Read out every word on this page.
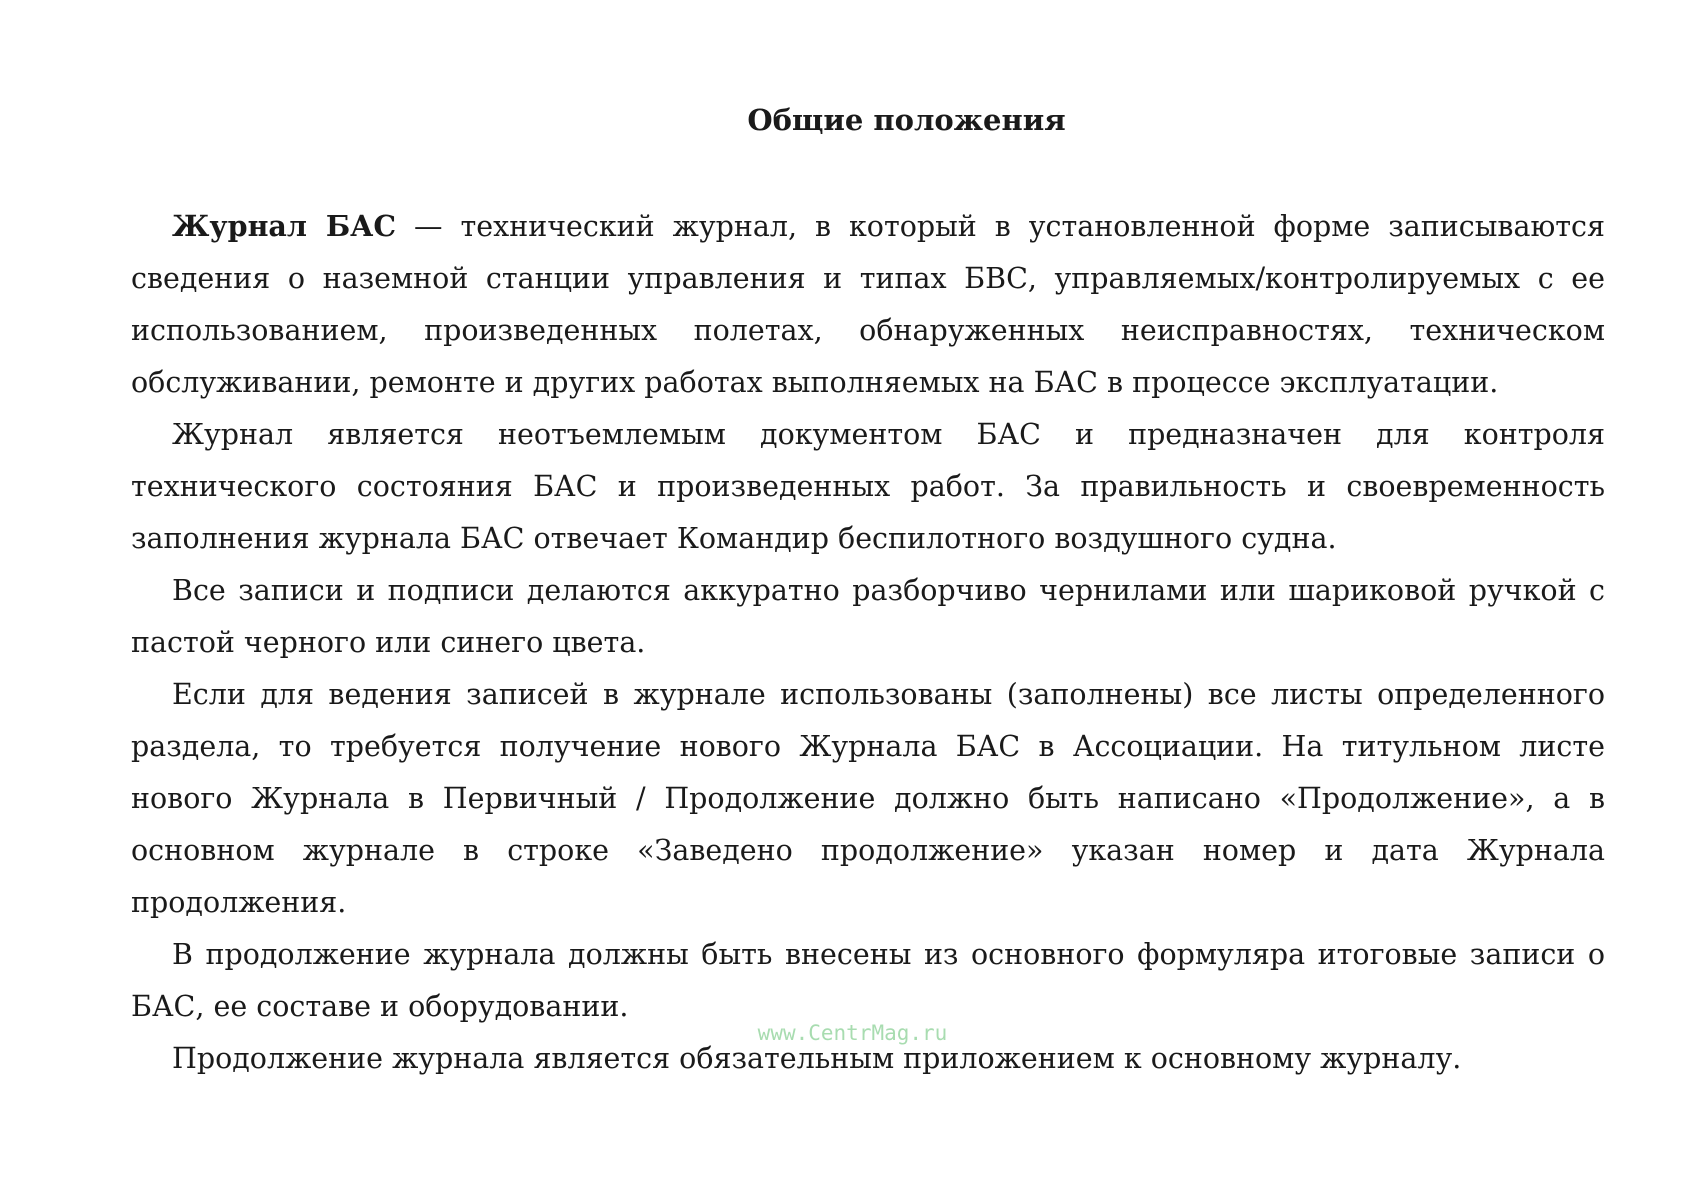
Общие положения

Журнал БАС — технический журнал, в который в установленной форме записываются сведения о наземной станции управления и типах БВС, управляемых/контролируемых с ее использованием, произведенных полетах, обнаруженных неисправностях, техническом обслуживании, ремонте и других работах выполняемых на БАС в процессе эксплуатации.

Журнал является неотъемлемым документом БАС и предназначен для контроля технического состояния БАС и произведенных работ. За правильность и своевременность заполнения журнала БАС отвечает Командир беспилотного воздушного судна.

Все записи и подписи делаются аккуратно разборчиво чернилами или шариковой ручкой с пастой черного или синего цвета.

Если для ведения записей в журнале использованы (заполнены) все листы определенного раздела, то требуется получение нового Журнала БАС в Ассоциации. На титульном листе нового Журнала в Первичный / Продолжение должно быть написано «Продолжение», а в основном журнале в строке «Заведено продолжение» указан номер и дата Журнала продолжения.

В продолжение журнала должны быть внесены из основного формуляра итоговые записи о БАС, ее составе и оборудовании.

Продолжение журнала является обязательным приложением к основному журналу.

www.CentrMag.ru
